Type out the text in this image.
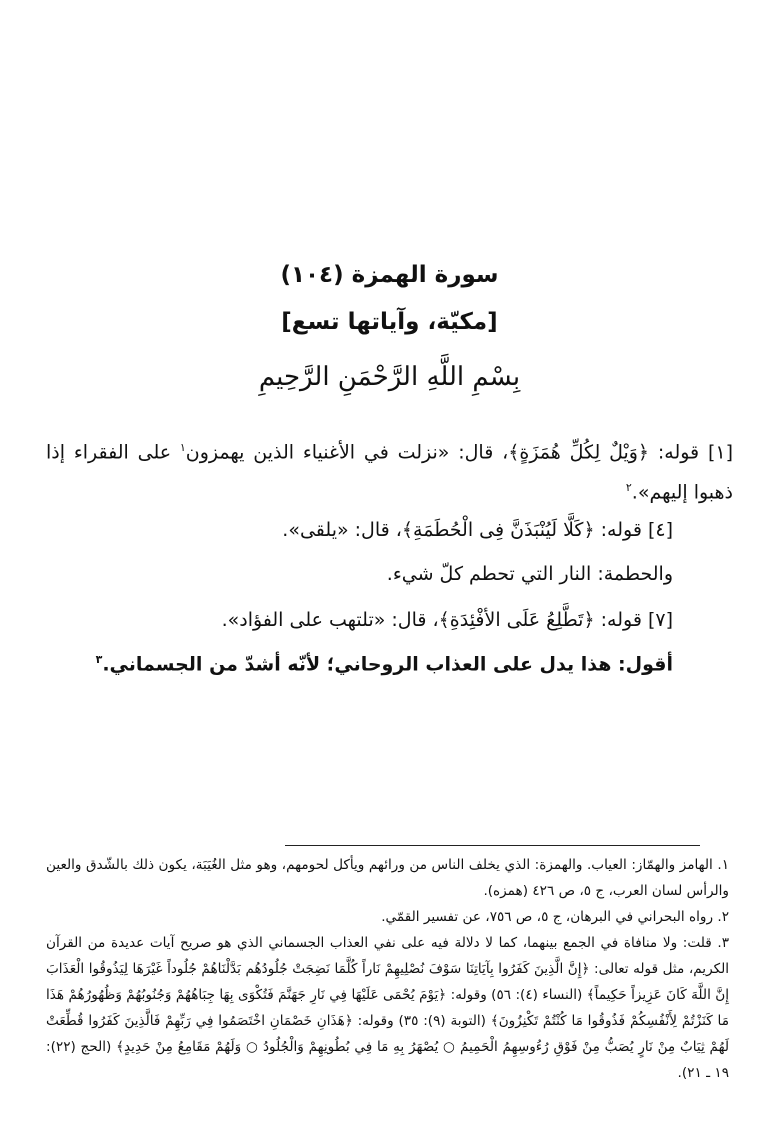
سورة الهمزة (١٠٤)
[مكيّة، وآياتها تسع]
بِسْمِ اللَّهِ الرَّحْمَنِ الرَّحِيمِ
[١] قوله: ﴿وَيْلٌ لِكُلِّ هُمَزَةٍ﴾، قال: «نزلت في الأغنياء الذين يهمزون$^١$ على الفقراء إذا ذهبوا إليهم».$^٢$
[٤] قوله: ﴿كَلَّا لَيُنْبَذَنَّ فِى الْحُطَمَةِ﴾، قال: «يلقى».
والحطمة: النار التي تحطم كلّ شيء.
[٧] قوله: ﴿تَطَّلِعُ عَلَى الأفْئِدَةِ﴾، قال: «تلتهب على الفؤاد».
أقول: هذا يدل على العذاب الروحاني؛ لأنّه أشدّ من الجسماني.$^٣$

١. الهامز والهمّاز: العياب. والهمزة: الذي يخلف الناس من ورائهم ويأكل لحومهم، وهو مثل الغُيَبَة، يكون ذلك بالشّدق والعين والرأس لسان العرب، ج ٥، ص ٤٢٦ (همزه).

٢. رواه البحراني في البرهان، ج ٥، ص ٧٥٦، عن تفسير القمّي.

٣. قلت: ولا منافاة في الجمع بينهما، كما لا دلالة فيه على نفي العذاب الجسماني الذي هو صريح آيات عديدة من القرآن الكريم، مثل قوله تعالى: ﴿إِنَّ الَّذِينَ كَفَرُوا بِآيَاتِنَا سَوْفَ نُصْلِيهِمْ نَاراً كُلَّمَا نَضِجَتْ جُلُودُهُم بَدَّلْنَاهُمْ جُلُوداً غَيْرَهَا لِيَذُوقُوا الْعَذَابَ إِنَّ اللَّهَ كَانَ عَزِيزاً حَكِيماً﴾ (النساء (٤): ٥٦) وقوله: ﴿يَوْمَ يُحْمَى عَلَيْهَا فِي نَارِ جَهَنَّمَ فَتُكْوَى بِهَا جِبَاهُهُمْ وَجُنُوبُهُمْ وَظُهُورُهُمْ هَذَا مَا كَنَزْتُمْ لِأَنْفُسِكُمْ فَذُوقُوا مَا كُنْتُمْ تَكْنِزُونَ﴾ (التوبة (٩): ٣٥) وقوله: ﴿هَذَانِ خَصْمَانِ اخْتَصَمُوا فِي رَبِّهِمْ فَالَّذِينَ كَفَرُوا قُطِّعَتْ لَهُمْ ثِيَابٌ مِنْ نَارٍ يُصَبُّ مِنْ فَوْقِ رُءُوسِهِمُ الْحَمِيمُ ○ يُصْهَرُ بِهِ مَا فِي بُطُونِهِمْ وَالْجُلُودُ ○ وَلَهُمْ مَقَامِعُ مِنْ حَدِيدٍ﴾ (الحج (٢٢): ١٩ ـ ٢١).
